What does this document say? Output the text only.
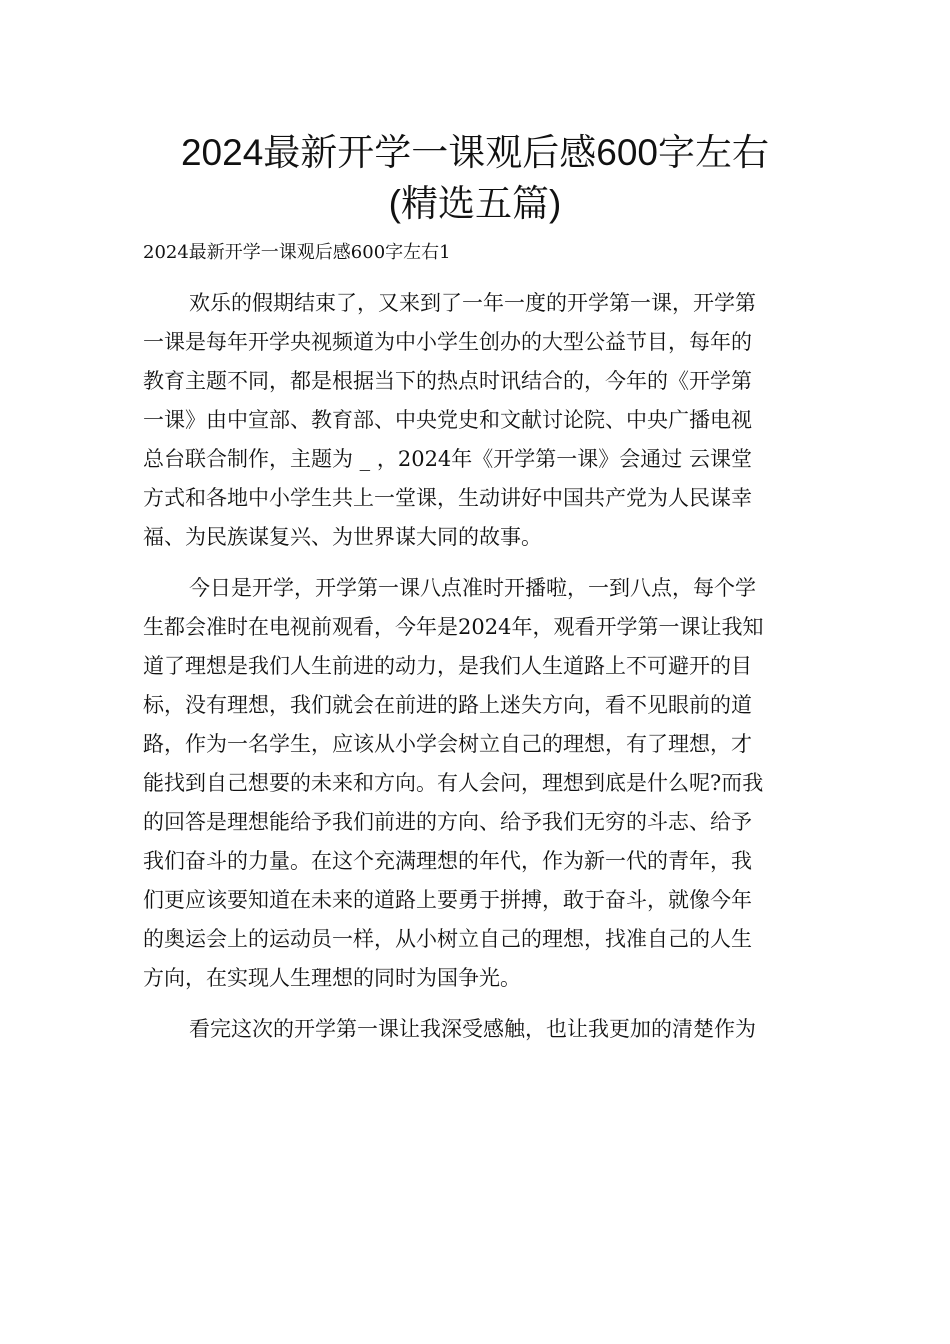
2024最新开学一课观后感600字左右
(精选五篇)
2024最新开学一课观后感600字左右1
欢乐的假期结束了，又来到了一年一度的开学第一课，开学第
一课是每年开学央视频道为中小学生创办的大型公益节目，每年的
教育主题不同，都是根据当下的热点时讯结合的，今年的《开学第
一课》由中宣部、教育部、中央党史和文献讨论院、中央广播电视
总台联合制作，主题为 _ ，2024年《开学第一课》会通过 云课堂
方式和各地中小学生共上一堂课，生动讲好中国共产党为人民谋幸
福、为民族谋复兴、为世界谋大同的故事。
今日是开学，开学第一课八点准时开播啦，一到八点，每个学
生都会准时在电视前观看，今年是2024年，观看开学第一课让我知
道了理想是我们人生前进的动力，是我们人生道路上不可避开的目
标，没有理想，我们就会在前进的路上迷失方向，看不见眼前的道
路，作为一名学生，应该从小学会树立自己的理想，有了理想，才
能找到自己想要的未来和方向。有人会问，理想到底是什么呢?而我
的回答是理想能给予我们前进的方向、给予我们无穷的斗志、给予
我们奋斗的力量。在这个充满理想的年代，作为新一代的青年，我
们更应该要知道在未来的道路上要勇于拼搏，敢于奋斗，就像今年
的奥运会上的运动员一样，从小树立自己的理想，找准自己的人生
方向，在实现人生理想的同时为国争光。
看完这次的开学第一课让我深受感触，也让我更加的清楚作为
